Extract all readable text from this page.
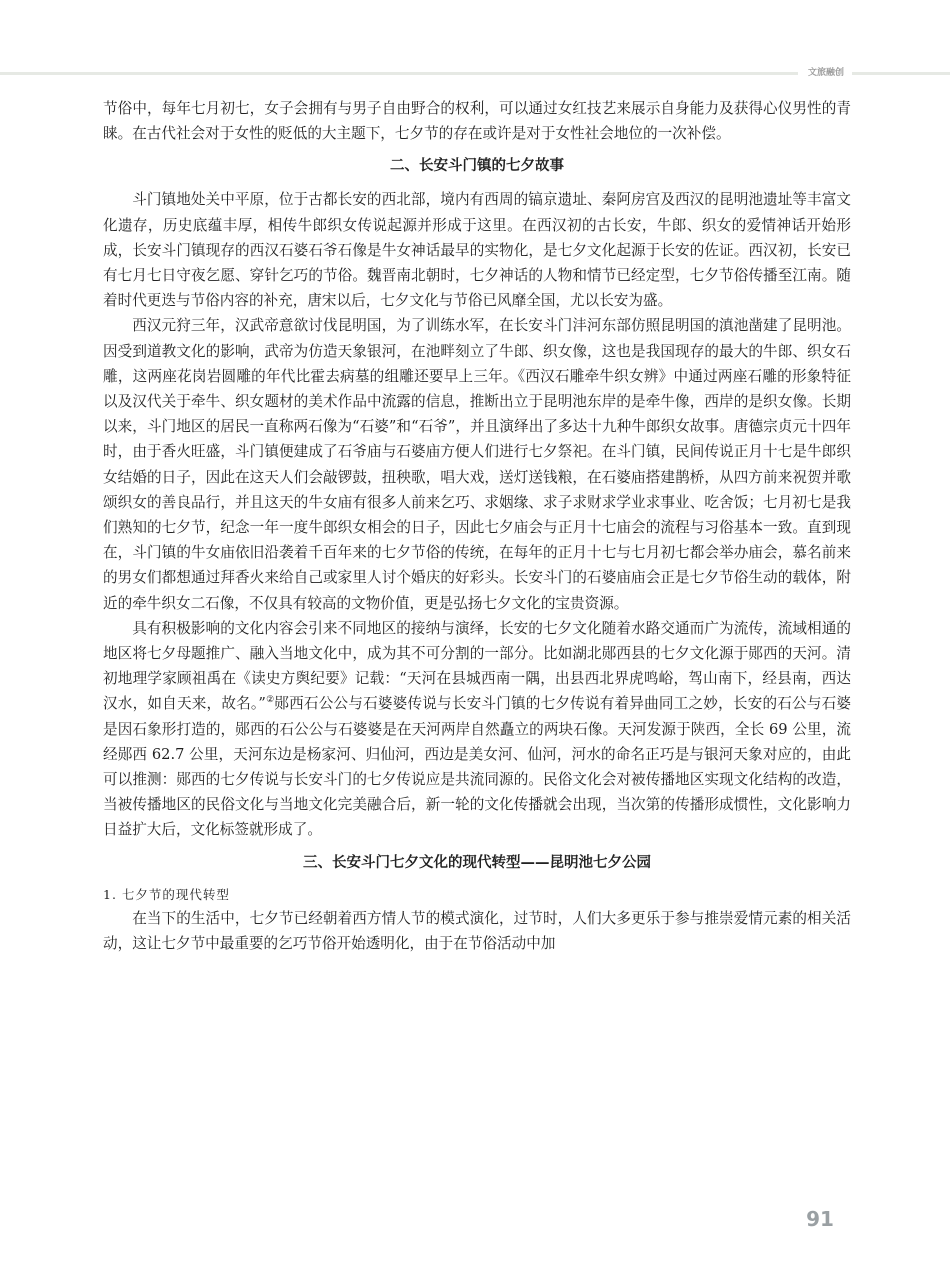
文旅融创

节俗中，每年七月初七，女子会拥有与男子自由野合的权利，可以通过女红技艺来展示自身能力及获得心仪男性的青睐。在古代社会对于女性的贬低的大主题下，七夕节的存在或许是对于女性社会地位的一次补偿。

二、长安斗门镇的七夕故事

斗门镇地处关中平原，位于古都长安的西北部，境内有西周的镐京遗址、秦阿房宫及西汉的昆明池遗址等丰富文化遗存，历史底蕴丰厚，相传牛郎织女传说起源并形成于这里。在西汉初的古长安，牛郎、织女的爱情神话开始形成，长安斗门镇现存的西汉石婆石爷石像是牛女神话最早的实物化，是七夕文化起源于长安的佐证。西汉初，长安已有七月七日守夜乞愿、穿针乞巧的节俗。魏晋南北朝时，七夕神话的人物和情节已经定型，七夕节俗传播至江南。随着时代更迭与节俗内容的补充，唐宋以后，七夕文化与节俗已风靡全国，尤以长安为盛。

西汉元狩三年，汉武帝意欲讨伐昆明国，为了训练水军，在长安斗门沣河东部仿照昆明国的滇池凿建了昆明池。因受到道教文化的影响，武帝为仿造天象银河，在池畔刻立了牛郎、织女像，这也是我国现存的最大的牛郎、织女石雕，这两座花岗岩圆雕的年代比霍去病墓的组雕还要早上三年。《西汉石雕牵牛织女辨》中通过两座石雕的形象特征以及汉代关于牵牛、织女题材的美术作品中流露的信息，推断出立于昆明池东岸的是牵牛像，西岸的是织女像。长期以来，斗门地区的居民一直称两石像为“石婆”和“石爷”，并且演绎出了多达十九种牛郎织女故事。唐德宗贞元十四年时，由于香火旺盛，斗门镇便建成了石爷庙与石婆庙方便人们进行七夕祭祀。在斗门镇，民间传说正月十七是牛郎织女结婚的日子，因此在这天人们会敲锣鼓，扭秧歌，唱大戏，送灯送钱粮，在石婆庙搭建鹊桥，从四方前来祝贺并歌颂织女的善良品行，并且这天的牛女庙有很多人前来乞巧、求姻缘、求子求财求学业求事业、吃舍饭；七月初七是我们熟知的七夕节，纪念一年一度牛郎织女相会的日子，因此七夕庙会与正月十七庙会的流程与习俗基本一致。直到现在，斗门镇的牛女庙依旧沿袭着千百年来的七夕节俗的传统，在每年的正月十七与七月初七都会举办庙会，慕名前来的男女们都想通过拜香火来给自己或家里人讨个婚庆的好彩头。长安斗门的石婆庙庙会正是七夕节俗生动的载体，附近的牵牛织女二石像，不仅具有较高的文物价值，更是弘扬七夕文化的宝贵资源。

具有积极影响的文化内容会引来不同地区的接纳与演绎，长安的七夕文化随着水路交通而广为流传，流域相通的地区将七夕母题推广、融入当地文化中，成为其不可分割的一部分。比如湖北郧西县的七夕文化源于郧西的天河。清初地理学家顾祖禹在《读史方舆纪要》记载：“天河在县城西南一隅，出县西北界虎鸣峪，驾山南下，经县南，西达汉水，如自天来，故名。”②郧西石公公与石婆婆传说与长安斗门镇的七夕传说有着异曲同工之妙，长安的石公与石婆是因石象形打造的，郧西的石公公与石婆婆是在天河两岸自然矗立的两块石像。天河发源于陕西，全长 69 公里，流经郧西 62.7 公里，天河东边是杨家河、归仙河，西边是美女河、仙河，河水的命名正巧是与银河天象对应的，由此可以推测：郧西的七夕传说与长安斗门的七夕传说应是共流同源的。民俗文化会对被传播地区实现文化结构的改造，当被传播地区的民俗文化与当地文化完美融合后，新一轮的文化传播就会出现，当次第的传播形成惯性，文化影响力日益扩大后，文化标签就形成了。

三、长安斗门七夕文化的现代转型——昆明池七夕公园
1. 七夕节的现代转型

在当下的生活中，七夕节已经朝着西方情人节的模式演化，过节时，人们大多更乐于参与推崇爱情元素的相关活动，这让七夕节中最重要的乞巧节俗开始透明化，由于在节俗活动中加

91
